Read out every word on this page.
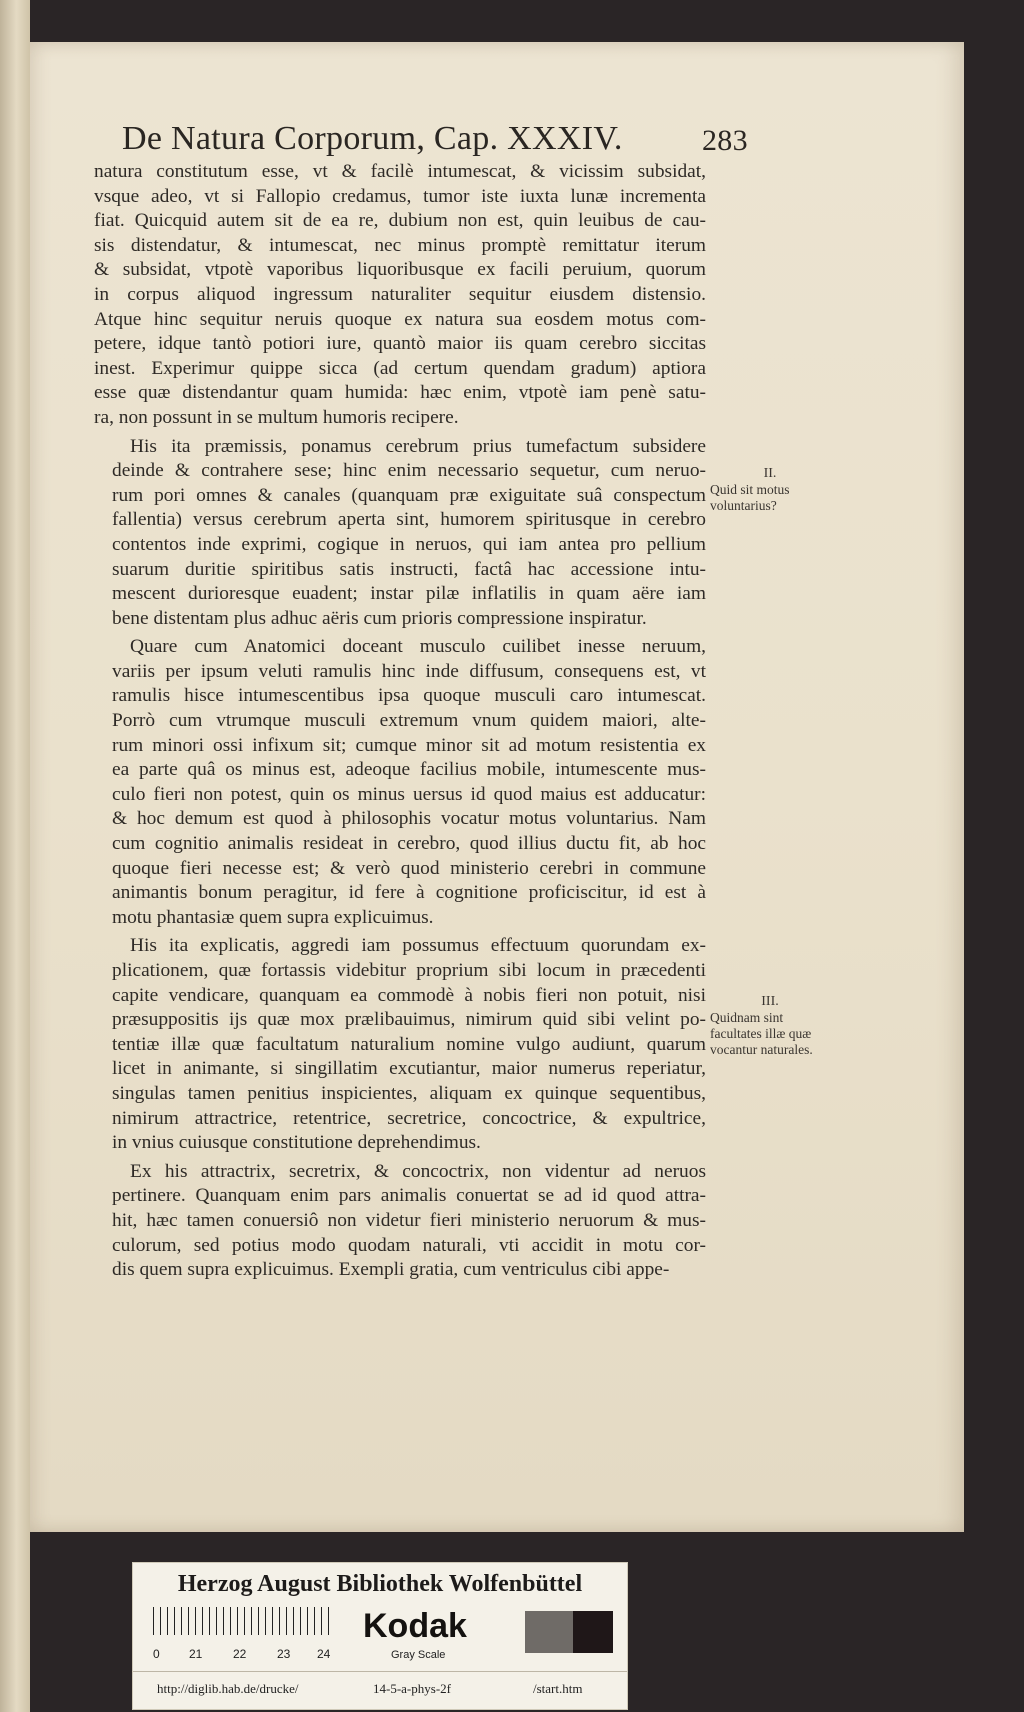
De Natura Corporum, Cap. XXXIV.	283

natura constitutum esse, vt & facilè intumescat, & vicissim subsidat,
vsque adeo, vt si Fallopio credamus, tumor iste iuxta lunæ incrementa
fiat. Quicquid autem sit de ea re, dubium non est, quin leuibus de cau-
sis distendatur, & intumescat, nec minus promptè remittatur iterum
& subsidat, vtpotè vaporibus liquoribusque ex facili peruium, quorum
in corpus aliquod ingressum naturaliter sequitur eiusdem distensio.
Atque hinc sequitur neruis quoque ex natura sua eosdem motus com-
petere, idque tantò potiori iure, quantò maior iis quam cerebro siccitas
inest. Experimur quippe sicca (ad certum quendam gradum) aptiora
esse quæ distendantur quam humida: hæc enim, vtpotè iam penè satu-
ra, non possunt in se multum humoris recipere.

His ita præmissis, ponamus cerebrum prius tumefactum subsidere
deinde & contrahere sese; hinc enim necessario sequetur, cum neruo-
rum pori omnes & canales (quanquam præ exiguitate suâ conspectum
fallentia) versus cerebrum aperta sint, humorem spiritusque in cerebro
contentos inde exprimi, cogique in neruos, qui iam antea pro pellium
suarum duritie spiritibus satis instructi, factâ hac accessione intu-
mescent durioresque euadent; instar pilæ inflatilis in quam aëre iam
bene distentam plus adhuc aëris cum prioris compressione inspiratur.

Quare cum Anatomici doceant musculo cuilibet inesse neruum,
variis per ipsum veluti ramulis hinc inde diffusum, consequens est, vt
ramulis hisce intumescentibus ipsa quoque musculi caro intumescat.
Porrò cum vtrumque musculi extremum vnum quidem maiori, alte-
rum minori ossi infixum sit; cumque minor sit ad motum resistentia ex
ea parte quâ os minus est, adeoque facilius mobile, intumescente mus-
culo fieri non potest, quin os minus uersus id quod maius est adducatur:
& hoc demum est quod à philosophis vocatur motus voluntarius. Nam
cum cognitio animalis resideat in cerebro, quod illius ductu fit, ab hoc
quoque fieri necesse est; & verò quod ministerio cerebri in commune
animantis bonum peragitur, id fere à cognitione proficiscitur, id est à
motu phantasiæ quem supra explicuimus.

His ita explicatis, aggredi iam possumus effectuum quorundam ex-
plicationem, quæ fortassis videbitur proprium sibi locum in præcedenti
capite vendicare, quanquam ea commodè à nobis fieri non potuit, nisi
præsuppositis ijs quæ mox prælibauimus, nimirum quid sibi velint po-
tentiæ illæ quæ facultatum naturalium nomine vulgo audiunt, quarum
licet in animante, si singillatim excutiantur, maior numerus reperiatur,
singulas tamen penitius inspicientes, aliquam ex quinque sequentibus,
nimirum attractrice, retentrice, secretrice, concoctrice, & expultrice,
in vnius cuiusque constitutione deprehendimus.

Ex his attractrix, secretrix, & concoctrix, non videntur ad neruos
pertinere. Quanquam enim pars animalis conuertat se ad id quod attra-
hit, hæc tamen conuersiô non videtur fieri ministerio neruorum & mus-
culorum, sed potius modo quodam naturali, vti accidit in motu cor-
dis quem supra explicuimus. Exempli gratia, cum ventriculus cibi appe-

II.
Quid sit motus voluntarius?
III.
Quidnam sint facultates illæ quæ vocantur naturales.
Herzog August Bibliothek Wolfenbüttel
Kodak
Gray Scale
0 21	22	23 24
http://diglib.hab.de/drucke/	14-5-a-phys-2f	/start.htm
